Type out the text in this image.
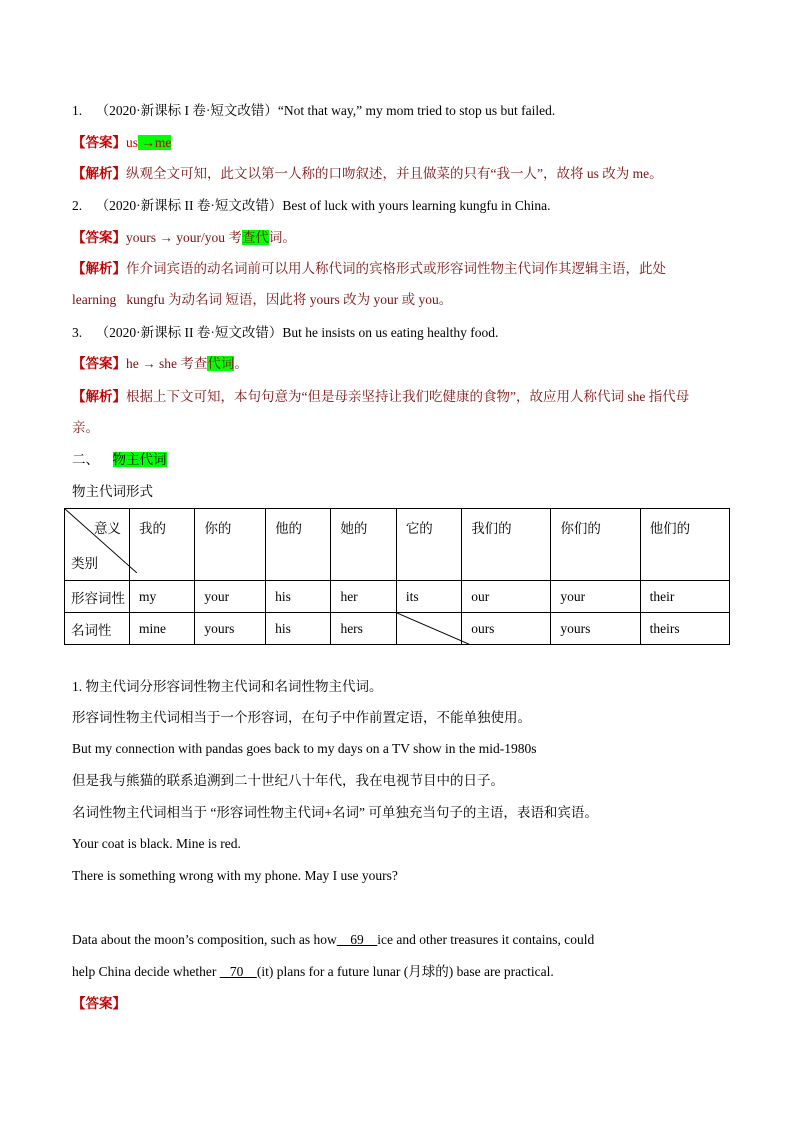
1. （2020·新课标 I 卷·短文改错）“Not that way,” my mom tried to stop us but failed.
【答案】us →me
【解析】纵观全文可知，此文以第一人称的口吻叙述，并且做菜的只有“我一人”，故将 us 改为 me。
2. （2020·新课标 II 卷·短文改错）Best of luck with yours learning kungfu in China.
【答案】yours → your/you 考查代词。
【解析】作介词宾语的动名词前可以用人称代词的宾格形式或形容词性物主代词作其逻辑主语，此处
learning   kungfu 为动名词 短语，因此将 yours 改为 your 或 you。
3. （2020·新课标 II 卷·短文改错）But he insists on us eating healthy food.
【答案】he → she 考查代词。
【解析】根据上下文可知，本句句意为“但是母亲坚持让我们吃健康的食物”，故应用人称代词 she 指代母
亲。
二、 物主代词
物主代词形式
意义
类别	我的	你的	他的	她的	它的	我们的	你们的	他们的
形容词性	my	your	his	her	its	our	your	their
名词性	mine	yours	his	hers		ours	yours	theirs
1. 物主代词分形容词性物主代词和名词性物主代词。
形容词性物主代词相当于一个形容词，在句子中作前置定语，不能单独使用。
But my connection with pandas goes back to my days on a TV show in the mid-1980s
但是我与熊猫的联系追溯到二十世纪八十年代，我在电视节目中的日子。
名词性物主代词相当于 “形容词性物主代词+名词” 可单独充当句子的主语，表语和宾语。
Your coat is black. Mine is red.
There is something wrong with my phone. May I use yours?
Data about the moon’s composition, such as how 69 ice and other treasures it contains, could
help China decide whether    70 (it) plans for a future lunar (月球的) base are practical.
【答案】
